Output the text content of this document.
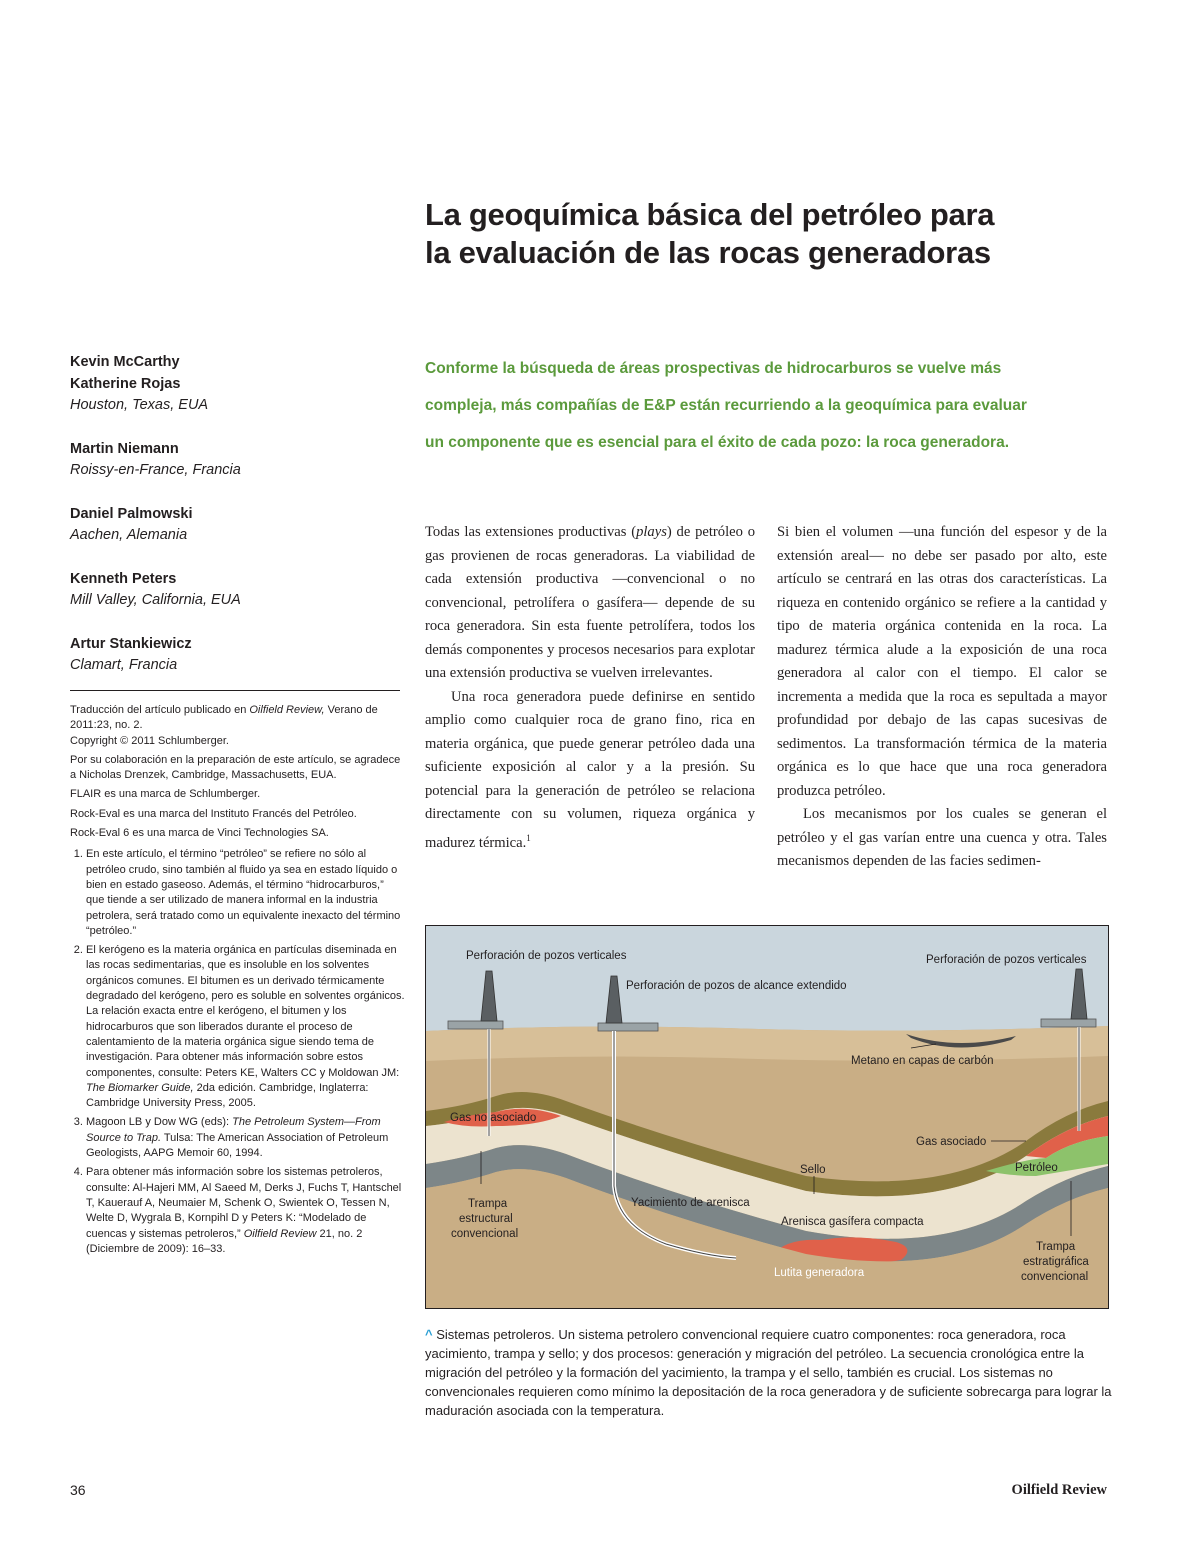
La geoquímica básica del petróleo para
la evaluación de las rocas generadoras
Conforme la búsqueda de áreas prospectivas de hidrocarburos se vuelve más
compleja, más compañías de E&P están recurriendo a la geoquímica para evaluar
un componente que es esencial para el éxito de cada pozo: la roca generadora.
Kevin McCarthy
Katherine Rojas
Houston, Texas, EUA
Martin Niemann
Roissy-en-France, Francia
Daniel Palmowski
Aachen, Alemania
Kenneth Peters
Mill Valley, California, EUA
Artur Stankiewicz
Clamart, Francia

Traducción del artículo publicado en Oilfield Review, Verano de 2011:23, no. 2.
Copyright © 2011 Schlumberger.

Por su colaboración en la preparación de este artículo, se agradece a Nicholas Drenzek, Cambridge, Massachusetts, EUA.

FLAIR es una marca de Schlumberger.

Rock-Eval es una marca del Instituto Francés del Petróleo.

Rock-Eval 6 es una marca de Vinci Technologies SA.

1. En este artículo, el término “petróleo” se refiere no sólo al petróleo crudo, sino también al fluido ya sea en estado líquido o bien en estado gaseoso. Además, el término “hidrocarburos,” que tiende a ser utilizado de manera informal en la industria petrolera, será tratado como un equivalente inexacto del término “petróleo.”
2. El kerógeno es la materia orgánica en partículas diseminada en las rocas sedimentarias, que es insoluble en los solventes orgánicos comunes. El bitumen es un derivado térmicamente degradado del kerógeno, pero es soluble en solventes orgánicos. La relación exacta entre el kerógeno, el bitumen y los hidrocarburos que son liberados durante el proceso de calentamiento de la materia orgánica sigue siendo tema de investigación. Para obtener más información sobre estos componentes, consulte: Peters KE, Walters CC y Moldowan JM: The Biomarker Guide, 2da edición. Cambridge, Inglaterra: Cambridge University Press, 2005.
3. Magoon LB y Dow WG (eds): The Petroleum System—From Source to Trap. Tulsa: The American Association of Petroleum Geologists, AAPG Memoir 60, 1994.
4. Para obtener más información sobre los sistemas petroleros, consulte: Al-Hajeri MM, Al Saeed M, Derks J, Fuchs T, Hantschel T, Kauerauf A, Neumaier M, Schenk O, Swientek O, Tessen N, Welte D, Wygrala B, Kornpihl D y Peters K: “Modelado de cuencas y sistemas petroleros,” Oilfield Review 21, no. 2 (Diciembre de 2009): 16–33.

Todas las extensiones productivas (plays) de petróleo o gas provienen de rocas generadoras. La viabilidad de cada extensión productiva —convencional o no convencional, petrolífera o gasífera— depende de su roca generadora. Sin esta fuente petrolífera, todos los demás componentes y procesos necesarios para explotar una extensión productiva se vuelven irrelevantes.

Una roca generadora puede definirse en sentido amplio como cualquier roca de grano fino, rica en materia orgánica, que puede generar petróleo dada una suficiente exposición al calor y a la presión. Su potencial para la generación de petróleo se relaciona directamente con su volumen, riqueza orgánica y madurez térmica.$^1$

Si bien el volumen —una función del espesor y de la extensión areal— no debe ser pasado por alto, este artículo se centrará en las otras dos características. La riqueza en contenido orgánico se refiere a la cantidad y tipo de materia orgánica contenida en la roca. La madurez térmica alude a la exposición de una roca generadora al calor con el tiempo. El calor se incrementa a medida que la roca es sepultada a mayor profundidad por debajo de las capas sucesivas de sedimentos. La transformación térmica de la materia orgánica es lo que hace que una roca generadora produzca petróleo.

Los mecanismos por los cuales se generan el petróleo y el gas varían entre una cuenca y otra. Tales mecanismos dependen de las facies sedimen-

Perforación de pozos verticales
Perforación de pozos de alcance extendido
Perforación de pozos verticales
Metano en capas de carbón
Gas no asociado
Gas asociado
Sello	Petróleo
Trampa
estructural
convencional
Yacimiento de arenisca
Arenisca gasífera compacta
Lutita generadora
Trampa
estratigráfica
convencional
^ Sistemas petroleros. Un sistema petrolero convencional requiere cuatro componentes: roca generadora, roca yacimiento, trampa y sello; y dos procesos: generación y migración del petróleo. La secuencia cronológica entre la migración del petróleo y la formación del yacimiento, la trampa y el sello, también es crucial. Los sistemas no convencionales requieren como mínimo la depositación de la roca generadora y de suficiente sobrecarga para lograr la maduración asociada con la temperatura.
36	Oilfield Review
